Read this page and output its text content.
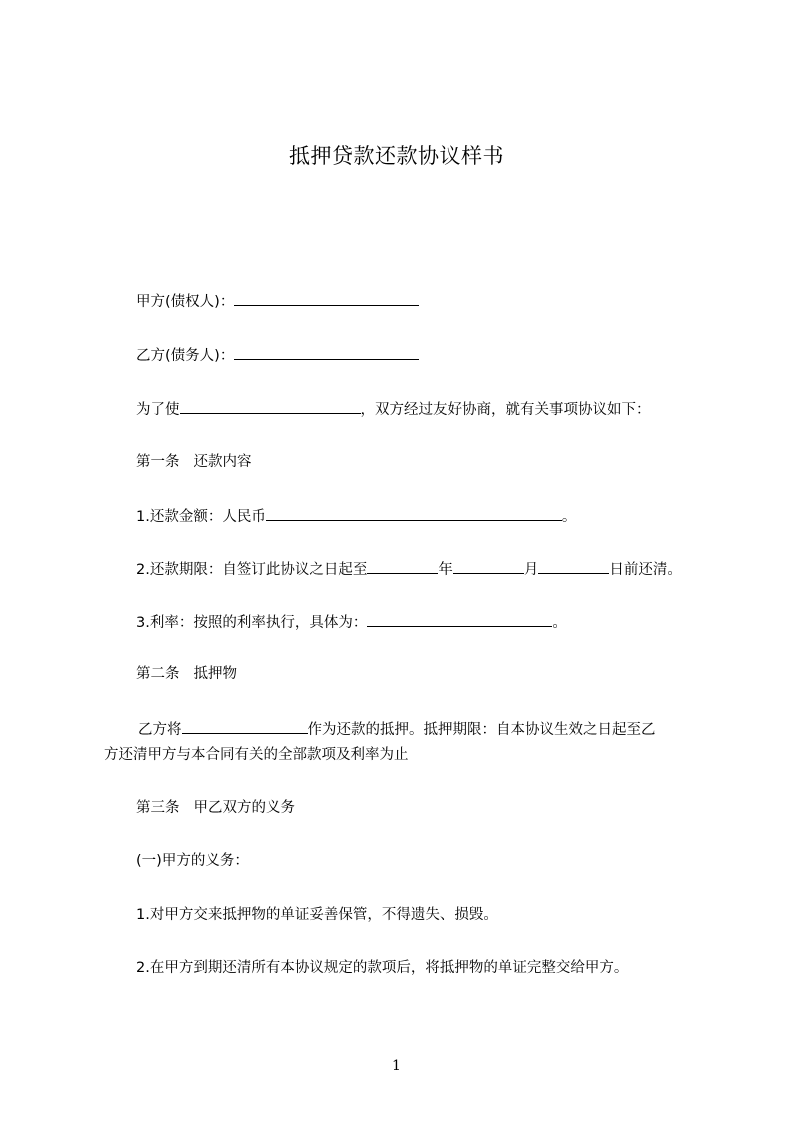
抵押贷款还款协议样书
甲方(债权人)：
乙方(债务人)：
为了使	，双方经过友好协商，就有关事项协议如下：
第一条 还款内容
1.还款金额：人民币	。
2.还款期限：自签订此协议之日起至	年	月	日前还清。
3.利率：按照的利率执行，具体为：	。
第二条 抵押物
乙方将	作为还款的抵押。抵押期限：自本协议生效之日起至乙
方还清甲方与本合同有关的全部款项及利率为止
第三条 甲乙双方的义务
(一)甲方的义务：
1.对甲方交来抵押物的单证妥善保管，不得遗失、损毁。
2.在甲方到期还清所有本协议规定的款项后，将抵押物的单证完整交给甲方。
1
